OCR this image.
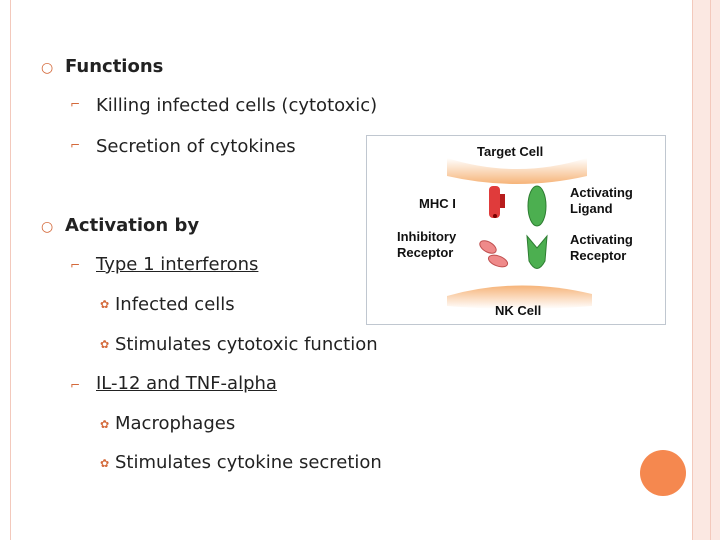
○ Functions
⌐ Killing infected cells (cytotoxic)
⌐ Secretion of cytokines
○ Activation by
⌐ Type 1 interferons
✿ Infected cells
✿ Stimulates cytotoxic function
⌐ IL-12 and TNF-alpha
✿ Macrophages
✿ Stimulates cytokine secretion
Target Cell
MHC I
Activating
Ligand
Inhibitory
Receptor
Activating
Receptor
NK Cell
